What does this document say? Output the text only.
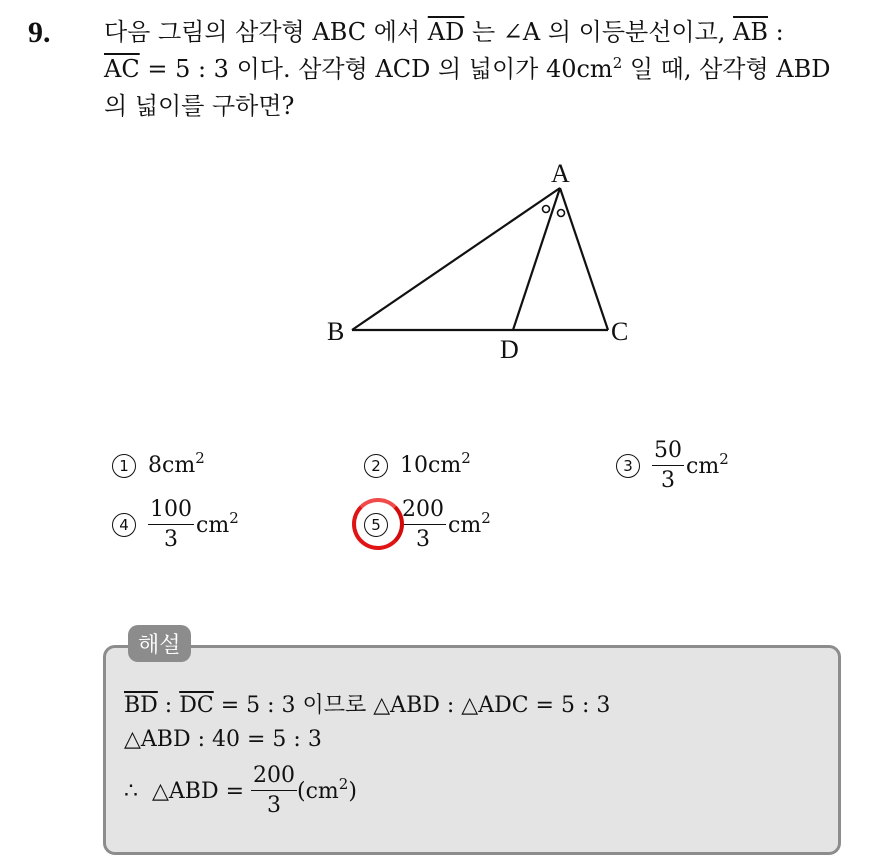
9. 다음 그림의 삼각형 ABC 에서 $\overline{AD}$ 는 ∠A 의 이등분선이고, $\overline{AB}$ :
$\overline{AC} = 5$ : 3 이다. 삼각형 ACD 의 넓이가 $40cm^2$ 일 때, 삼각형 ABD
의 넓이를 구하면?
A
B	C
D
1 $8cm^2$	2 $10cm^2$	$3 \frac{50}{3} cm^2$
$4 \frac{100}{3} cm^2$	$5 \frac{200}{3} cm^2$
해설
$\overline{BD}$ : $\overline{DC} = 5$ : 3 이므로 △ABD : △ADC = 5 : 3
△ABD : 40 = 5 : 3
∴  △ABD = $\frac{200}{3} (cm^2)$
